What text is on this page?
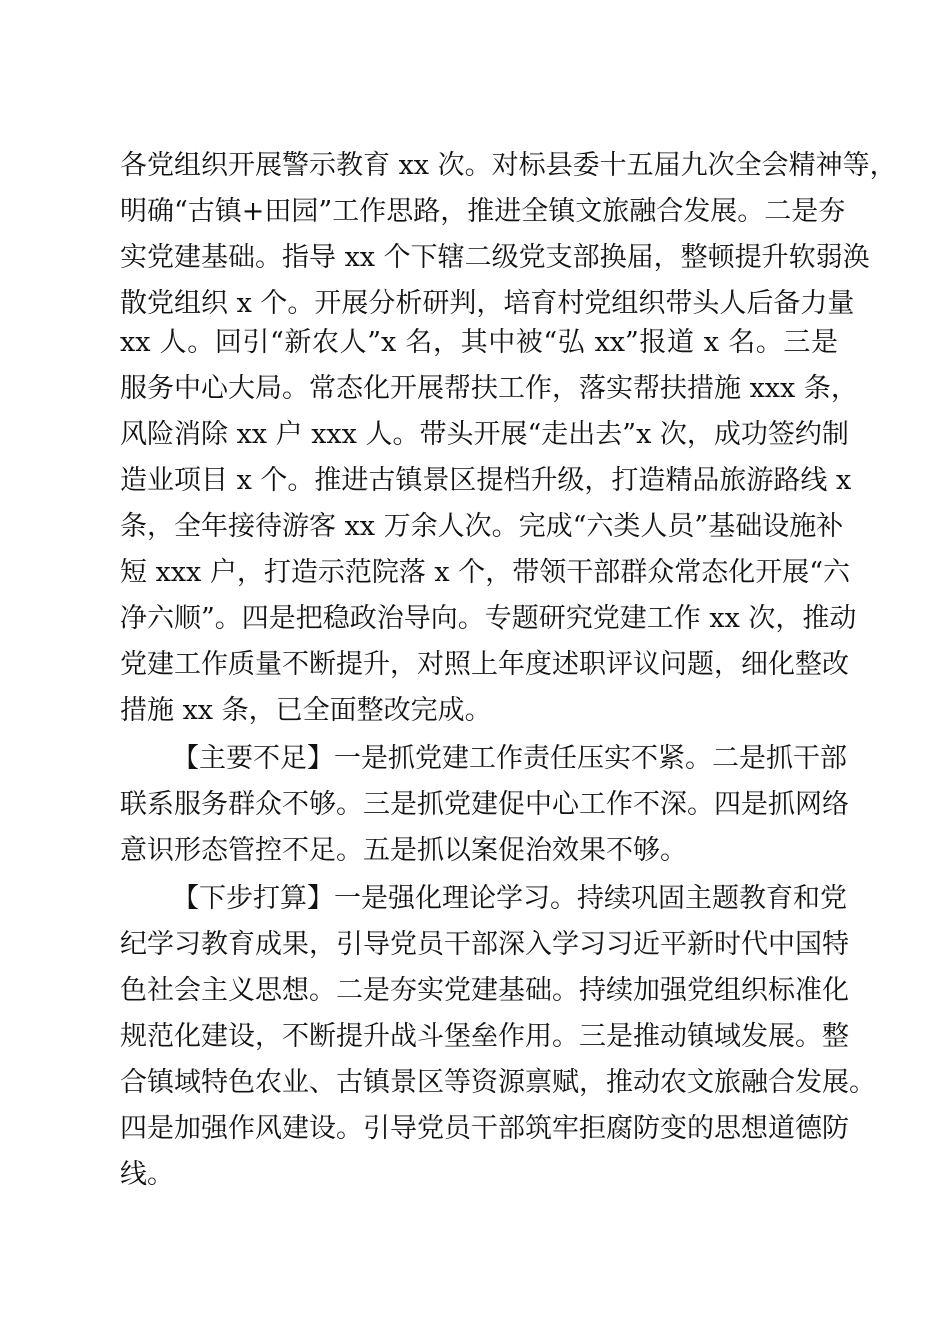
各党组织开展警示教育 xx 次。对标县委十五届九次全会精神等，
明确“古镇+田园”工作思路，推进全镇文旅融合发展。二是夯
实党建基础。指导 xx 个下辖二级党支部换届，整顿提升软弱涣
散党组织 x 个。开展分析研判，培育村党组织带头人后备力量
xx 人。回引“新农人”x 名，其中被“弘 xx”报道 x 名。三是
服务中心大局。常态化开展帮扶工作，落实帮扶措施 xxx 条，
风险消除 xx 户 xxx 人。带头开展“走出去”x 次，成功签约制
造业项目 x 个。推进古镇景区提档升级，打造精品旅游路线 x
条，全年接待游客 xx 万余人次。完成“六类人员”基础设施补
短 xxx 户，打造示范院落 x 个，带领干部群众常态化开展“六
净六顺”。四是把稳政治导向。专题研究党建工作 xx 次，推动
党建工作质量不断提升，对照上年度述职评议问题，细化整改
措施 xx 条，已全面整改完成。
【主要不足】一是抓党建工作责任压实不紧。二是抓干部
联系服务群众不够。三是抓党建促中心工作不深。四是抓网络
意识形态管控不足。五是抓以案促治效果不够。
【下步打算】一是强化理论学习。持续巩固主题教育和党
纪学习教育成果，引导党员干部深入学习习近平新时代中国特
色社会主义思想。二是夯实党建基础。持续加强党组织标准化
规范化建设，不断提升战斗堡垒作用。三是推动镇域发展。整
合镇域特色农业、古镇景区等资源禀赋，推动农文旅融合发展。
四是加强作风建设。引导党员干部筑牢拒腐防变的思想道德防
线。
